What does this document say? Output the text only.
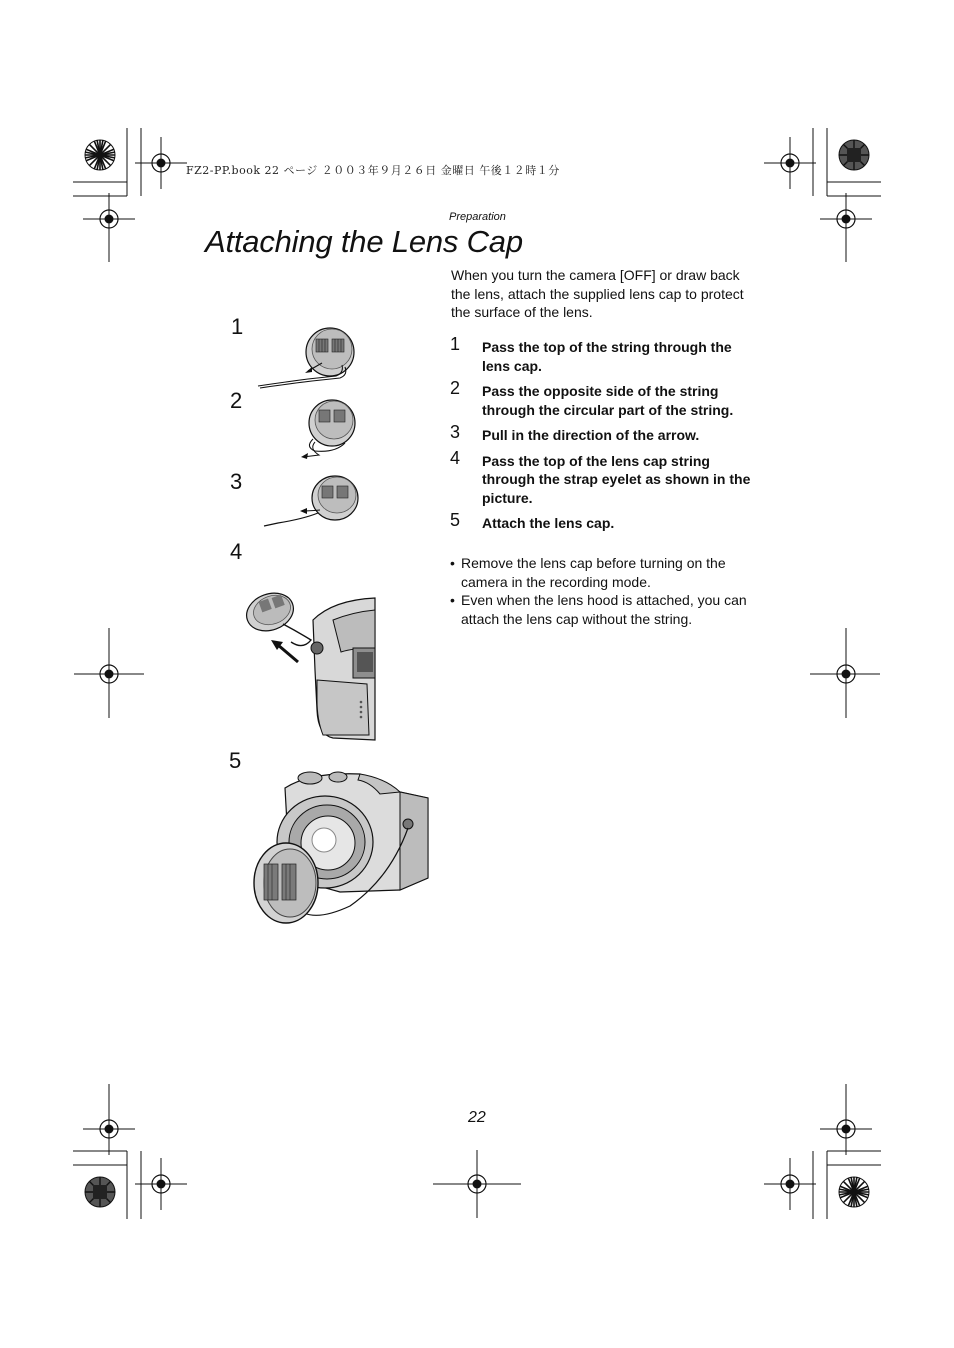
FZ2-PP.book 22 ページ ２００３年９月２６日 金曜日 午後１２時１分
Preparation
Attaching the Lens Cap
1
2
3
4
5

When you turn the camera [OFF] or draw back the lens, attach the supplied lens cap to protect the surface of the lens.

1 Pass the top of the string through the lens cap.
2 Pass the opposite side of the string through the circular part of the string.
3 Pull in the direction of the arrow.
4 Pass the top of the lens cap string through the strap eyelet as shown in the picture.
5 Attach the lens cap.
• Remove the lens cap before turning on the camera in the recording mode.
• Even when the lens hood is attached, you can attach the lens cap without the string.
22
